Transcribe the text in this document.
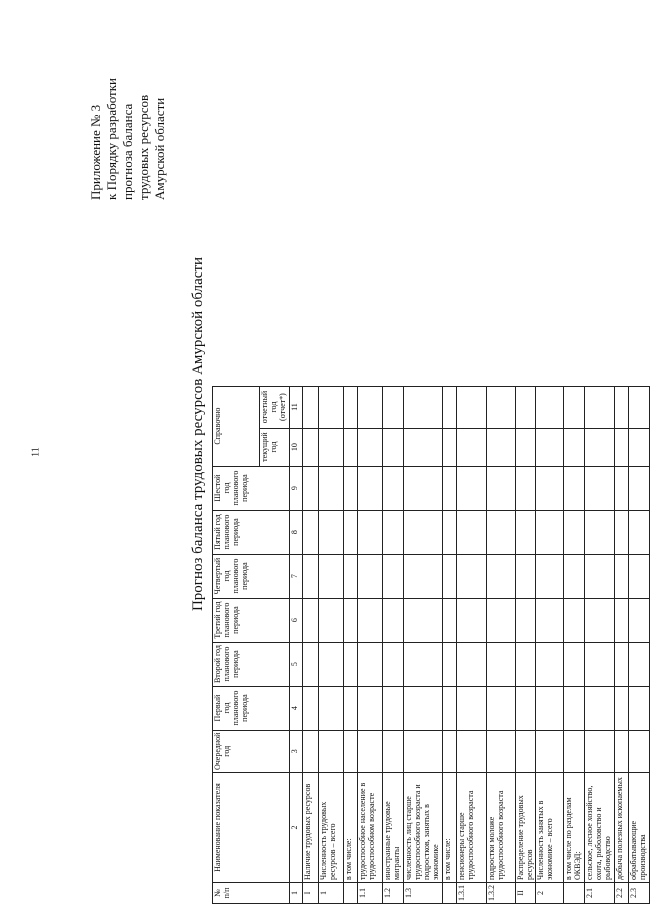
11
Приложение № 3 к Порядку разработки прогноза баланса трудовых ресурсов Амурской области
Прогноз баланса трудовых ресурсов Амурской области
№ п/п	Наименование показателя	Очередной год	Первый год планового периода	Второй год планового периода	Третий год планового периода	Четвертый год планового периода	Пятый год планового периода	Шестой год планового периода	Справочно	
									текущий год	отчетный год (отчет*)
1	2	3	4	5	6	7	8	9	10	11
I	Наличие трудовых ресурсов									
1	Численность трудовых ресурсов – всего									
	в том числе:									
1.1	трудоспособное население в трудоспособном возрасте									
1.2	иностранные трудовые мигранты									
1.3	численность лиц старше трудоспособного возраста и подростков, занятых в экономике									
	в том числе:									
1.3.1	пенсионеры старше трудоспособного возраста									
1.3.2	подростки моложе трудоспособного возраста									
II	Распределение трудовых ресурсов									
2	Численность занятых в экономике – всего									
	в том числе по разделам ОКВЭД:									
2.1	сельское, лесное хозяйство, охота, рыболовство и рыбоводство									
2.2	добыча полезных ископаемых									
2.3	обрабатывающие производства									
